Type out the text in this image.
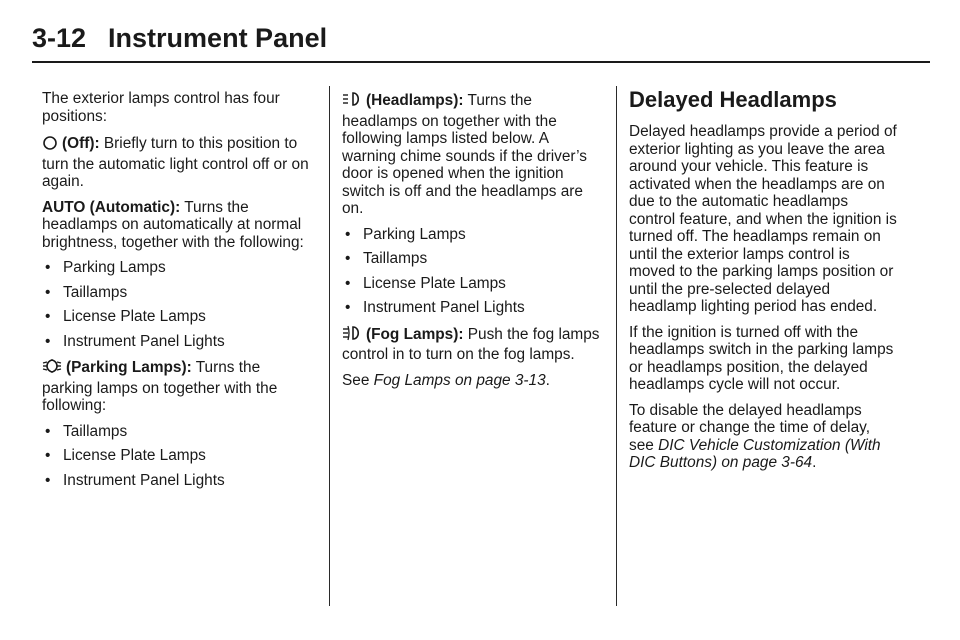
3-12 Instrument Panel

The exterior lamps control has four positions:

(Off): Briefly turn to this position to turn the automatic light control off or on again.

AUTO (Automatic): Turns the headlamps on automatically at normal brightness, together with the following:

• Parking Lamps
• Taillamps
• License Plate Lamps
• Instrument Panel Lights

(Parking Lamps): Turns the parking lamps on together with the following:

• Taillamps
• License Plate Lamps
• Instrument Panel Lights

(Headlamps): Turns the headlamps on together with the following lamps listed below. A warning chime sounds if the driver’s door is opened when the ignition switch is off and the headlamps are on.

• Parking Lamps
• Taillamps
• License Plate Lamps
• Instrument Panel Lights

(Fog Lamps): Push the fog lamps control in to turn on the fog lamps.

See Fog Lamps on page 3-13.

Delayed Headlamps

Delayed headlamps provide a period of exterior lighting as you leave the area around your vehicle. This feature is activated when the headlamps are on due to the automatic headlamps control feature, and when the ignition is turned off. The headlamps remain on until the exterior lamps control is moved to the parking lamps position or until the pre-selected delayed headlamp lighting period has ended.

If the ignition is turned off with the headlamps switch in the parking lamps or headlamps position, the delayed headlamps cycle will not occur.

To disable the delayed headlamps feature or change the time of delay, see DIC Vehicle Customization (With DIC Buttons) on page 3-64.
